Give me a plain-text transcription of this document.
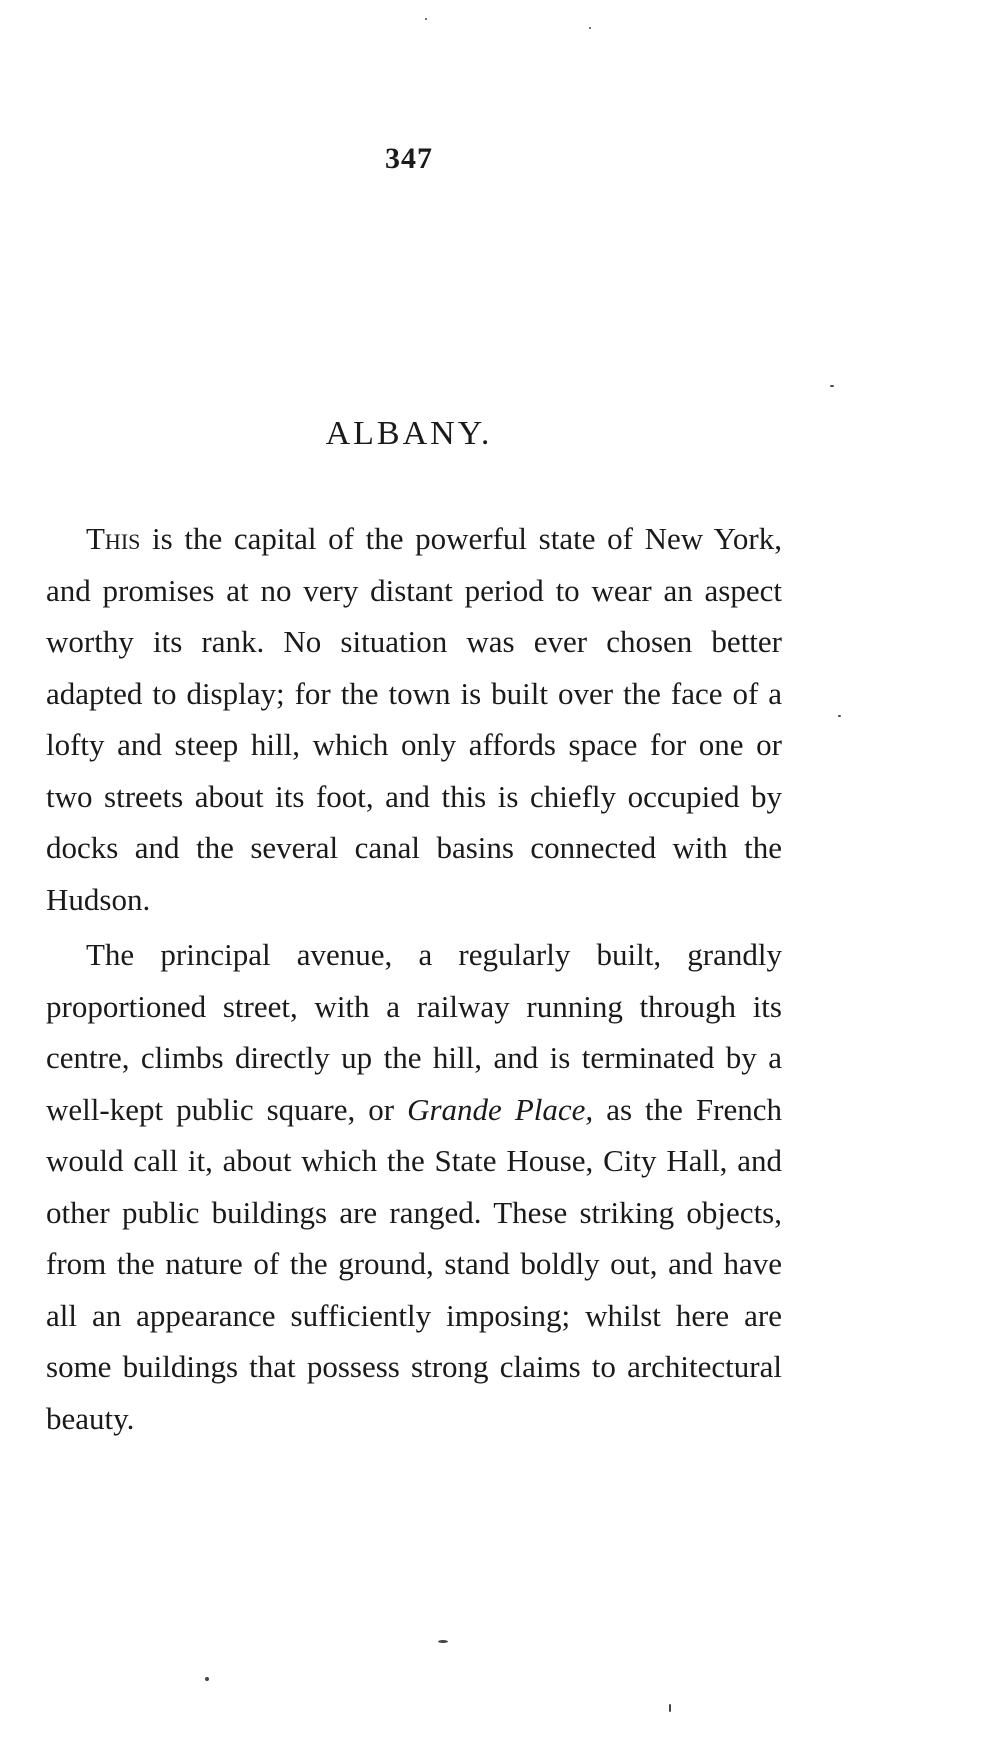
347
ALBANY.

This is the capital of the powerful state of New York, and promises at no very distant period to wear an aspect worthy its rank. No situation was ever chosen better adapted to display; for the town is built over the face of a lofty and steep hill, which only affords space for one or two streets about its foot, and this is chiefly occupied by docks and the several canal basins connected with the Hudson.

The principal avenue, a regularly built, grandly proportioned street, with a railway running through its centre, climbs directly up the hill, and is terminated by a well-kept public square, or Grande Place, as the French would call it, about which the State House, City Hall, and other public buildings are ranged. These striking objects, from the nature of the ground, stand boldly out, and have all an appearance sufficiently imposing; whilst here are some buildings that possess strong claims to architectural beauty.
